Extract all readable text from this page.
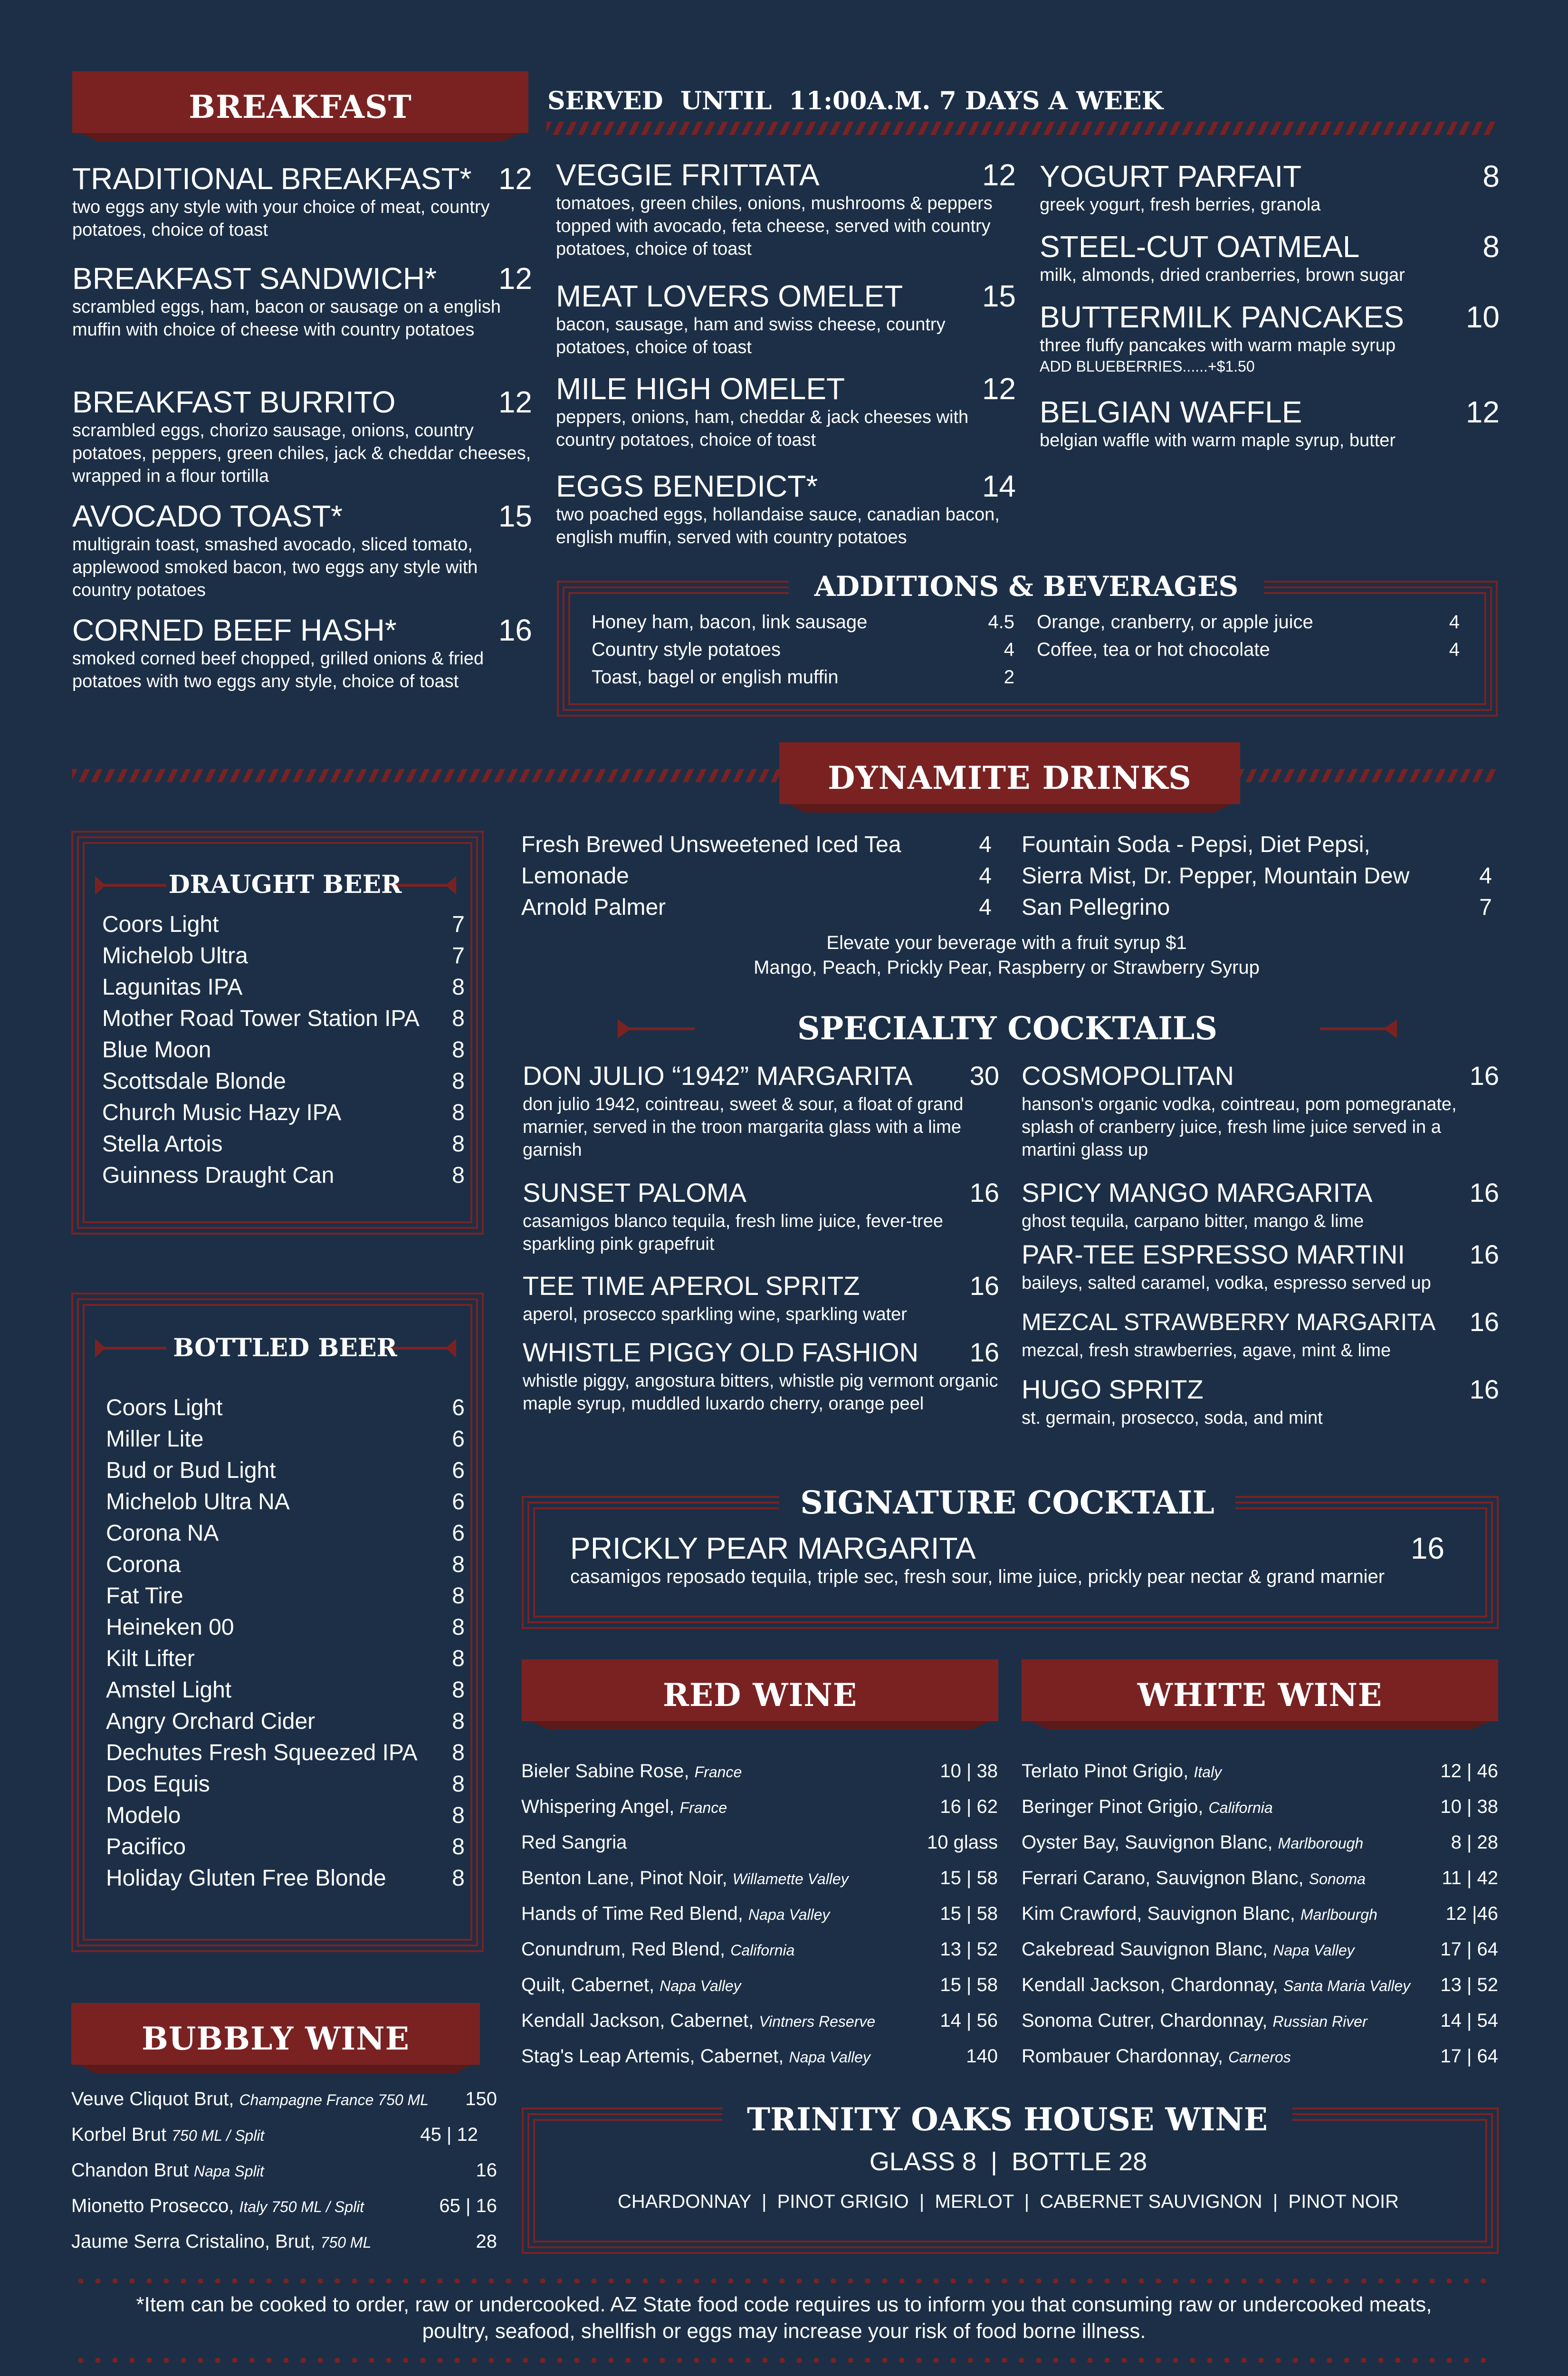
BREAKFAST	SERVED  UNTIL  11:00A.M. 7 DAYS A WEEK
TRADITIONAL BREAKFAST* 12
two eggs any style with your choice of meat, country potatoes, choice of toast
BREAKFAST SANDWICH*	12
scrambled eggs, ham, bacon or sausage on a english muffin with choice of cheese with country potatoes
BREAKFAST BURRITO	12
scrambled eggs, chorizo sausage, onions, country potatoes, peppers, green chiles, jack & cheddar cheeses, wrapped in a flour tortilla
AVOCADO TOAST*	15
multigrain toast, smashed avocado, sliced tomato, applewood smoked bacon, two eggs any style with country potatoes
CORNED BEEF HASH*	16
smoked corned beef chopped, grilled onions & fried potatoes with two eggs any style, choice of toast
VEGGIE FRITTATA	12
tomatoes, green chiles, onions, mushrooms & peppers topped with avocado, feta cheese, served with country potatoes, choice of toast
MEAT LOVERS OMELET	15
bacon, sausage, ham and swiss cheese, country potatoes, choice of toast
MILE HIGH OMELET	12
peppers, onions, ham, cheddar & jack cheeses with country potatoes, choice of toast
EGGS BENEDICT*	14
two poached eggs, hollandaise sauce, canadian bacon, english muffin, served with country potatoes
YOGURT PARFAIT	8
greek yogurt, fresh berries, granola
STEEL-CUT OATMEAL	8
milk, almonds, dried cranberries, brown sugar
BUTTERMILK PANCAKES	10
three fluffy pancakes with warm maple syrup
ADD BLUEBERRIES......+$1.50
BELGIAN WAFFLE	12
belgian waffle with warm maple syrup, butter
ADDITIONS & BEVERAGES
Honey ham, bacon, link sausage	4.5
Country style potatoes	4
Toast, bagel or english muffin	2
Orange, cranberry, or apple juice	4
Coffee, tea or hot chocolate	4
DYNAMITE DRINKS
Fresh Brewed Unsweetened Iced Tea	4
Lemonade	4
Arnold Palmer	4
Fountain Soda - Pepsi, Diet Pepsi,
Sierra Mist, Dr. Pepper, Mountain Dew	4
San Pellegrino	7
Elevate your beverage with a fruit syrup $1
Mango, Peach, Prickly Pear, Raspberry or Strawberry Syrup
DRAUGHT BEER
Coors Light	7
Michelob Ultra	7
Lagunitas IPA	8
Mother Road Tower Station IPA 8
Blue Moon	8
Scottsdale Blonde	8
Church Music Hazy IPA	8
Stella Artois	8
Guinness Draught Can	8
BOTTLED BEER
Coors Light	6
Miller Lite	6
Bud or Bud Light	6
Michelob Ultra NA	6
Corona NA	6
Corona	8
Fat Tire	8
Heineken 00	8
Kilt Lifter	8
Amstel Light	8
Angry Orchard Cider	8
Dechutes Fresh Squeezed IPA 8
Dos Equis	8
Modelo	8
Pacifico	8
Holiday Gluten Free Blonde	8
SPECIALTY COCKTAILS
DON JULIO “1942” MARGARITA	30
don julio 1942, cointreau, sweet & sour, a float of grand marnier, served in the troon margarita glass with a lime garnish
SUNSET PALOMA	16
casamigos blanco tequila, fresh lime juice, fever-tree sparkling pink grapefruit
TEE TIME APEROL SPRITZ	16
aperol, prosecco sparkling wine, sparkling water
WHISTLE PIGGY OLD FASHION	16
whistle piggy, angostura bitters, whistle pig vermont organic maple syrup, muddled luxardo cherry, orange peel
COSMOPOLITAN	16
hanson's organic vodka, cointreau, pom pomegranate, splash of cranberry juice, fresh lime juice served in a martini glass up
SPICY MANGO MARGARITA	16
ghost tequila, carpano bitter, mango & lime
PAR-TEE ESPRESSO MARTINI	16
baileys, salted caramel, vodka, espresso served up
MEZCAL STRAWBERRY MARGARITA	16
mezcal, fresh strawberries, agave, mint & lime
HUGO SPRITZ	16
st. germain, prosecco, soda, and mint
SIGNATURE COCKTAIL
PRICKLY PEAR MARGARITA	16
casamigos reposado tequila, triple sec, fresh sour, lime juice, prickly pear nectar & grand marnier
RED WINE	WHITE WINE
Bieler Sabine Rose, France	10 | 38
Whispering Angel, France	16 | 62
Red Sangria	10 glass
Benton Lane, Pinot Noir, Willamette Valley	15 | 58
Hands of Time Red Blend, Napa Valley	15 | 58
Conundrum, Red Blend, California	13 | 52
Quilt, Cabernet, Napa Valley	15 | 58
Kendall Jackson, Cabernet, Vintners Reserve	14 | 56
Stag's Leap Artemis, Cabernet, Napa Valley	140
Terlato Pinot Grigio, Italy	12 | 46
Beringer Pinot Grigio, California	10 | 38
Oyster Bay, Sauvignon Blanc, Marlborough	8 | 28
Ferrari Carano, Sauvignon Blanc, Sonoma	11 | 42
Kim Crawford, Sauvignon Blanc, Marlbourgh	12 |46
Cakebread Sauvignon Blanc, Napa Valley	17 | 64
Kendall Jackson, Chardonnay, Santa Maria Valley 13 | 52
Sonoma Cutrer, Chardonnay, Russian River	14 | 54
Rombauer Chardonnay, Carneros	17 | 64
BUBBLY WINE
Veuve Cliquot Brut, Champagne France 750 ML 150
Korbel Brut 750 ML / Split	45 | 12
Chandon Brut Napa Split	16
Mionetto Prosecco, Italy 750 ML / Split	65 | 16
Jaume Serra Cristalino, Brut, 750 ML	28
TRINITY OAKS HOUSE WINE
GLASS 8  |  BOTTLE 28
CHARDONNAY  |  PINOT GRIGIO  |  MERLOT  |  CABERNET SAUVIGNON  |  PINOT NOIR
*Item can be cooked to order, raw or undercooked. AZ State food code requires us to inform you that consuming raw or undercooked meats,
poultry, seafood, shellfish or eggs may increase your risk of food borne illness.
